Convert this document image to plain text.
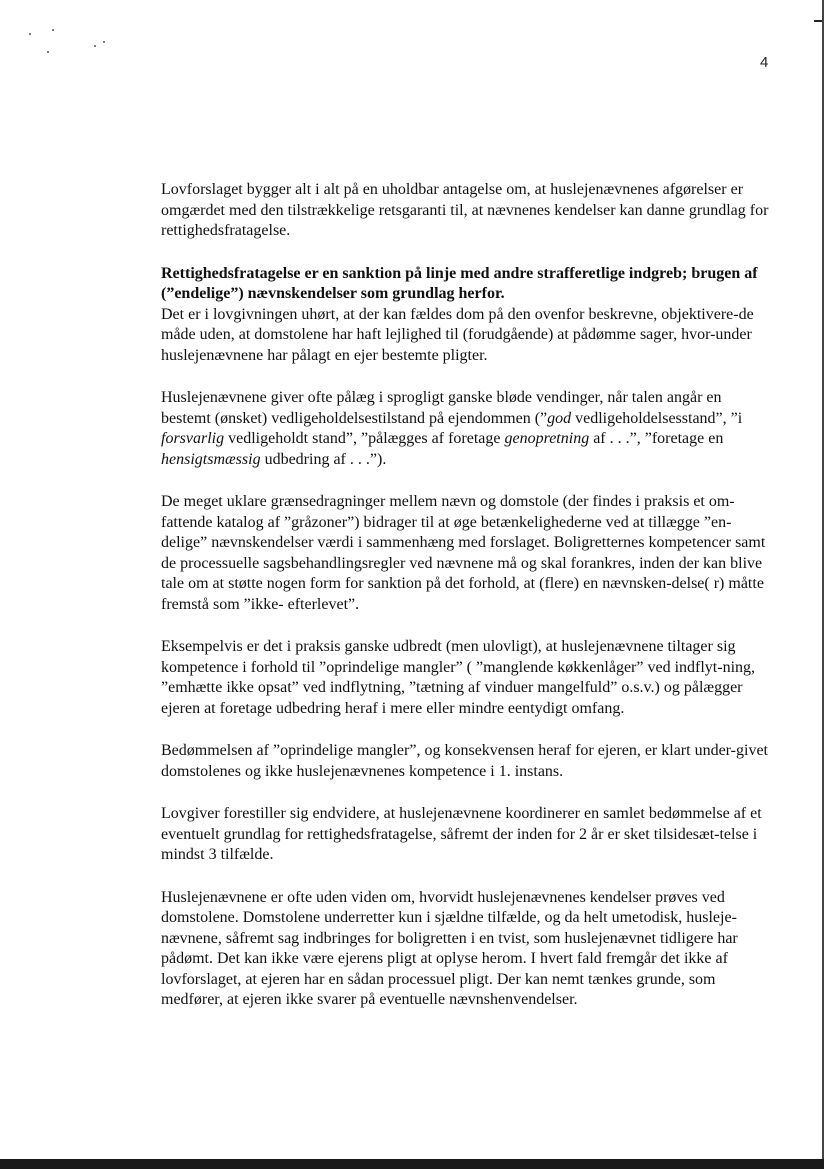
4

Lovforslaget bygger alt i alt på en uholdbar antagelse om, at huslejenævnenes afgørelser er omgærdet med den tilstrækkelige retsgaranti til, at nævnenes kendelser kan danne grundlag for rettighedsfratagelse.

Rettighedsfratagelse er en sanktion på linje med andre strafferetlige indgreb; brugen af (”endelige”) nævnskendelser som grundlag herfor.

Det er i lovgivningen uhørt, at der kan fældes dom på den ovenfor beskrevne, objektivere-de måde uden, at domstolene har haft lejlighed til (forudgående) at pådømme sager, hvor-under huslejenævnene har pålagt en ejer bestemte pligter.

Huslejenævnene giver ofte pålæg i sprogligt ganske bløde vendinger, når talen angår en bestemt (ønsket) vedligeholdelsestilstand på ejendommen (”god vedligeholdelsesstand”, ”i forsvarlig vedligeholdt stand”, ”pålægges af foretage genopretning af . . .”, ”foretage en hensigtsmæssig udbedring af . . .”).

De meget uklare grænsedragninger mellem nævn og domstole (der findes i praksis et om-fattende katalog af ”gråzoner”) bidrager til at øge betænkelighederne ved at tillægge ”en-delige” nævnskendelser værdi i sammenhæng med forslaget. Boligretternes kompetencer samt de processuelle sagsbehandlingsregler ved nævnene må og skal forankres, inden der kan blive tale om at støtte nogen form for sanktion på det forhold, at (flere) en nævnsken-delse( r) måtte fremstå som ”ikke- efterlevet”.

Eksempelvis er det i praksis ganske udbredt (men ulovligt), at huslejenævnene tiltager sig kompetence i forhold til ”oprindelige mangler” ( ”manglende køkkenlåger” ved indflyt-ning, ”emhætte ikke opsat” ved indflytning, ”tætning af vinduer mangelfuld” o.s.v.) og pålægger ejeren at foretage udbedring heraf i mere eller mindre eentydigt omfang.

Bedømmelsen af ”oprindelige mangler”, og konsekvensen heraf for ejeren, er klart under-givet domstolenes og ikke huslejenævnenes kompetence i 1. instans.

Lovgiver forestiller sig endvidere, at huslejenævnene koordinerer en samlet bedømmelse af et eventuelt grundlag for rettighedsfratagelse, såfremt der inden for 2 år er sket tilsidesæt-telse i mindst 3 tilfælde.

Huslejenævnene er ofte uden viden om, hvorvidt huslejenævnenes kendelser prøves ved domstolene. Domstolene underretter kun i sjældne tilfælde, og da helt umetodisk, husleje-nævnene, såfremt sag indbringes for boligretten i en tvist, som huslejenævnet tidligere har pådømt. Det kan ikke være ejerens pligt at oplyse herom. I hvert fald fremgår det ikke af lovforslaget, at ejeren har en sådan processuel pligt. Der kan nemt tænkes grunde, som medfører, at ejeren ikke svarer på eventuelle nævnshenvendelser.
